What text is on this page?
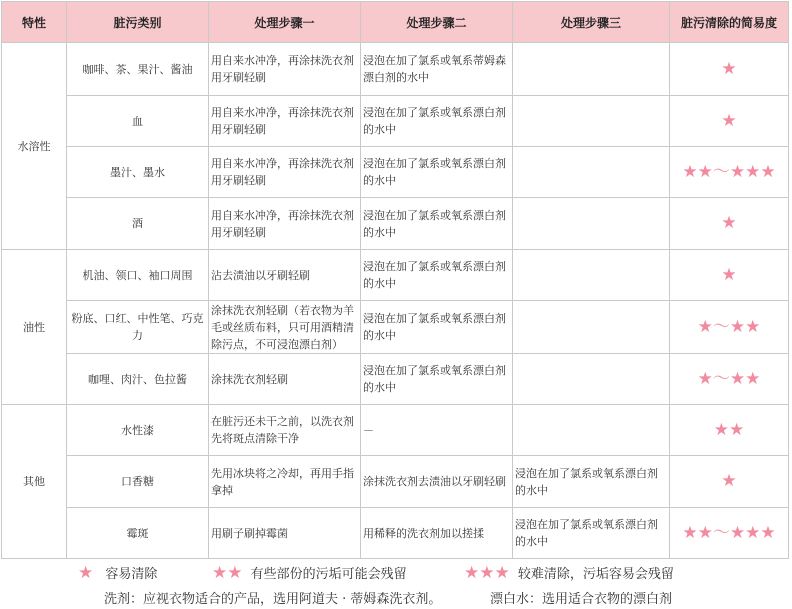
特性	脏污类别	处理步骤一	处理步骤二	处理步骤三	脏污清除的简易度
水溶性	咖啡、茶、果汁、酱油	用自来水冲净，再涂抹洗衣剂用牙刷轻刷	浸泡在加了氯系或氧系蒂姆森漂白剂的水中		★
	血	用自来水冲净，再涂抹洗衣剂用牙刷轻刷	浸泡在加了氯系或氧系漂白剂的水中		★
	墨汁、墨水	用自来水冲净，再涂抹洗衣剂用牙刷轻刷	浸泡在加了氯系或氧系漂白剂的水中		★★～★★★
	酒	用自来水冲净，再涂抹洗衣剂用牙刷轻刷	浸泡在加了氯系或氧系漂白剂的水中		★
油性	机油、领口、袖口周围	沾去渍油以牙刷轻刷	浸泡在加了氯系或氧系漂白剂的水中		★
	粉底、口红、中性笔、巧克力	涂抹洗衣剂轻刷（若衣物为羊毛或丝质布料，只可用酒精清除污点，不可浸泡漂白剂）	浸泡在加了氯系或氧系漂白剂的水中		★～★★
	咖哩、肉汁、色拉酱	涂抹洗衣剂轻刷	浸泡在加了氯系或氧系漂白剂的水中		★～★★
其他	水性漆	在脏污还未干之前，以洗衣剂先将斑点清除干净	－		★★
	口香糖	先用冰块将之冷却，再用手指拿掉	涂抹洗衣剂去渍油以牙刷轻刷	浸泡在加了氯系或氧系漂白剂的水中	★
	霉斑	用刷子刷掉霉菌	用稀释的洗衣剂加以搓揉	浸泡在加了氯系或氧系漂白剂的水中	★★～★★★
★ 容易清除	★★ 有些部份的污垢可能会残留	★★★ 较难清除，污垢容易会残留
洗剂：应视衣物适合的产品，选用阿道夫 · 蒂姆森洗衣剂。	漂白水：选用适合衣物的漂白剂
